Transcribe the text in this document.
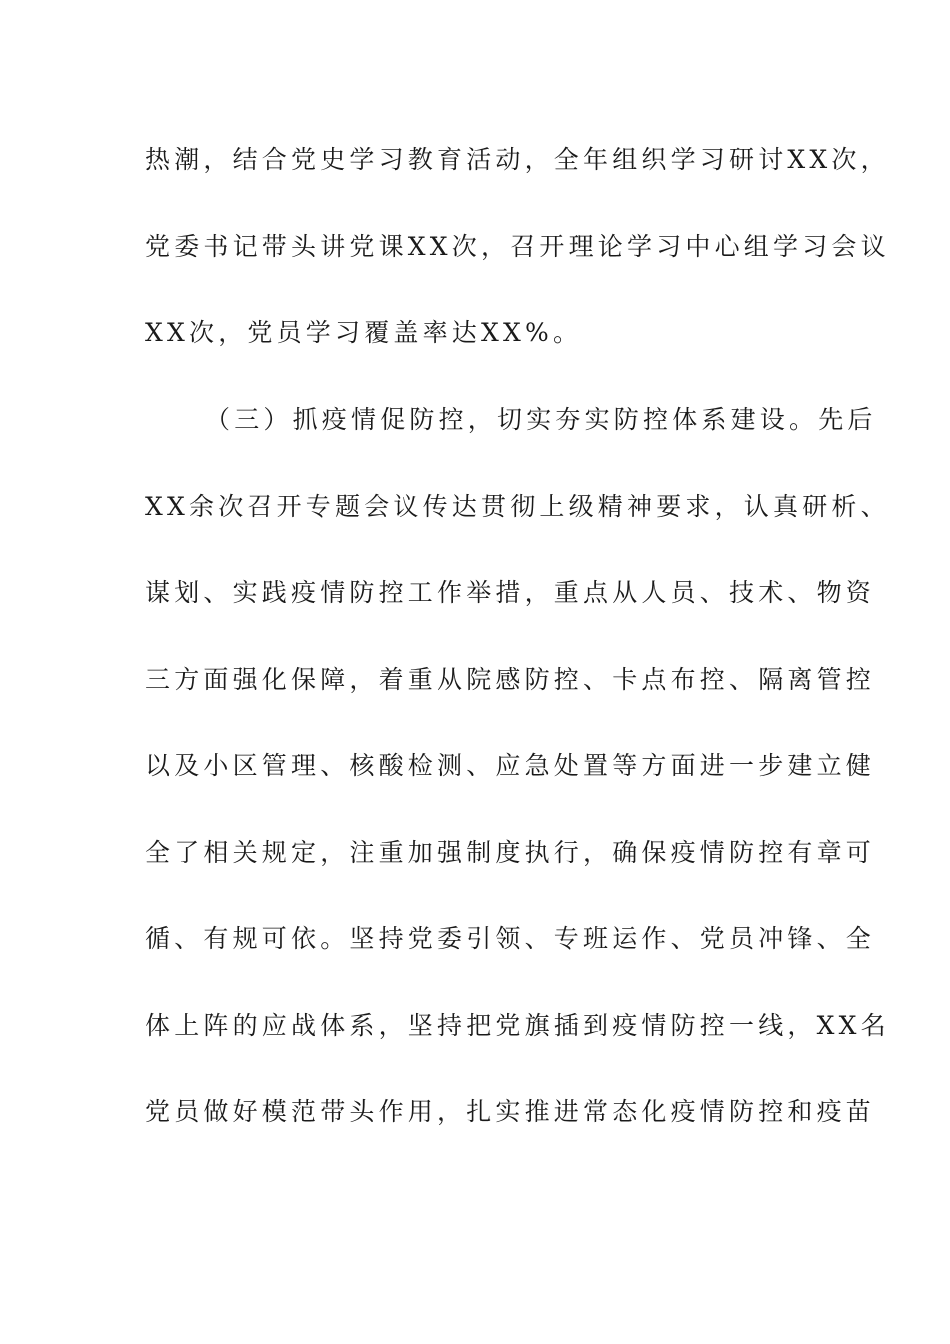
热潮，结合党史学习教育活动，全年组织学习研讨XX次，
党委书记带头讲党课XX次，召开理论学习中心组学习会议
XX次，党员学习覆盖率达XX%。
（三）抓疫情促防控，切实夯实防控体系建设。先后
XX余次召开专题会议传达贯彻上级精神要求，认真研析、
谋划、实践疫情防控工作举措，重点从人员、技术、物资
三方面强化保障，着重从院感防控、卡点布控、隔离管控
以及小区管理、核酸检测、应急处置等方面进一步建立健
全了相关规定，注重加强制度执行，确保疫情防控有章可
循、有规可依。坚持党委引领、专班运作、党员冲锋、全
体上阵的应战体系，坚持把党旗插到疫情防控一线，XX名
党员做好模范带头作用，扎实推进常态化疫情防控和疫苗
